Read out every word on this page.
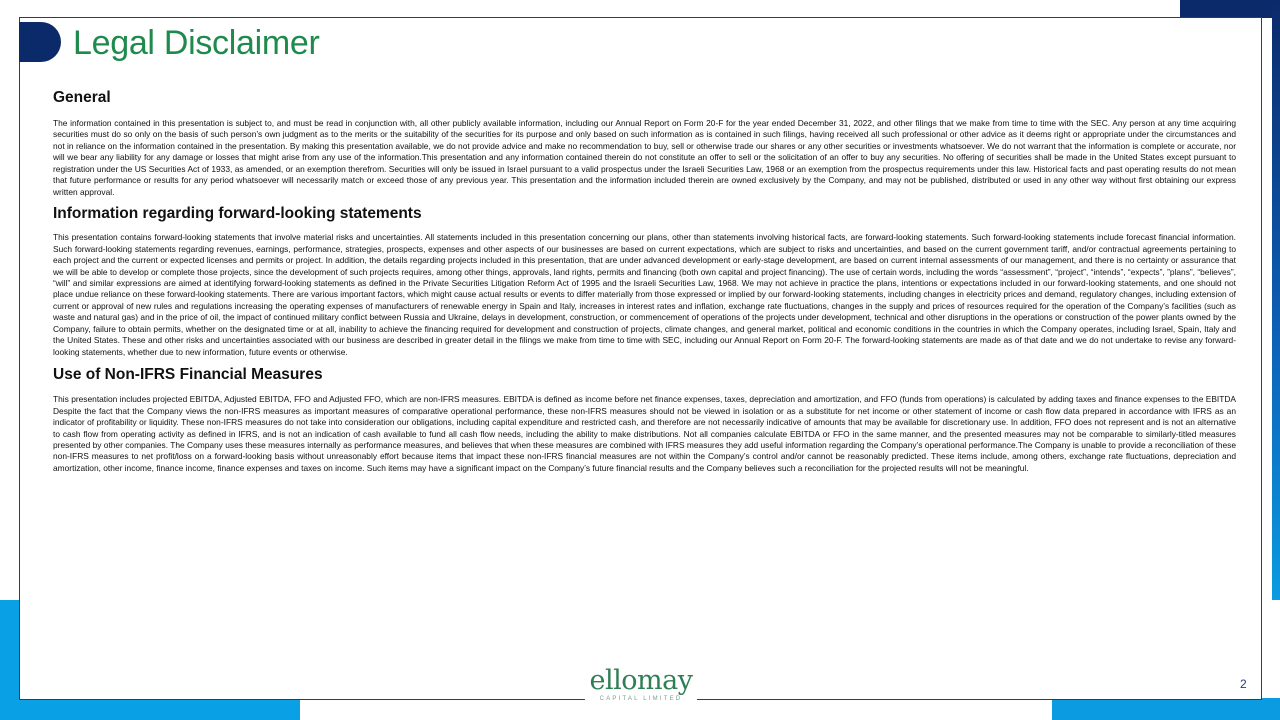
Legal Disclaimer
General

The information contained in this presentation is subject to, and must be read in conjunction with, all other publicly available information, including our Annual Report on Form 20-F for the year ended December 31, 2022, and other filings that we make from time to time with the SEC. Any person at any time acquiring securities must do so only on the basis of such person’s own judgment as to the merits or the suitability of the securities for its purpose and only based on such information as is contained in such filings, having received all such professional or other advice as it deems right or appropriate under the circumstances and not in reliance on the information contained in the presentation. By making this presentation available, we do not provide advice and make no recommendation to buy, sell or otherwise trade our shares or any other securities or investments whatsoever. We do not warrant that the information is complete or accurate, nor will we bear any liability for any damage or losses that might arise from any use of the information.This presentation and any information contained therein do not constitute an offer to sell or the solicitation of an offer to buy any securities. No offering of securities shall be made in the United States except pursuant to registration under the US Securities Act of 1933, as amended, or an exemption therefrom. Securities will only be issued in Israel pursuant to a valid prospectus under the Israeli Securities Law, 1968 or an exemption from the prospectus requirements under this law. Historical facts and past operating results do not mean that future performance or results for any period whatsoever will necessarily match or exceed those of any previous year. This presentation and the information included therein are owned exclusively by the Company, and may not be published, distributed or used in any other way without first obtaining our express written approval.

Information regarding forward-looking statements

This presentation contains forward-looking statements that involve material risks and uncertainties. All statements included in this presentation concerning our plans, other than statements involving historical facts, are forward-looking statements. Such forward-looking statements include forecast financial information. Such forward-looking statements regarding revenues, earnings, performance, strategies, prospects, expenses and other aspects of our businesses are based on current expectations, which are subject to risks and uncertainties, and based on the current government tariff, and/or contractual agreements pertaining to each project and the current or expected licenses and permits or project. In addition, the details regarding projects included in this presentation, that are under advanced development or early-stage development, are based on current internal assessments of our management, and there is no certainty or assurance that we will be able to develop or complete those projects, since the development of such projects requires, among other things, approvals, land rights, permits and financing (both own capital and project financing). The use of certain words, including the words “assessment”, “project”, “intends”, “expects”, ”plans”, “believes”, “will” and similar expressions are aimed at identifying forward-looking statements as defined in the Private Securities Litigation Reform Act of 1995 and the Israeli Securities Law, 1968. We may not achieve in practice the plans, intentions or expectations included in our forward-looking statements, and one should not place undue reliance on these forward-looking statements. There are various important factors, which might cause actual results or events to differ materially from those expressed or implied by our forward-looking statements, including changes in electricity prices and demand, regulatory changes, including extension of current or approval of new rules and regulations increasing the operating expenses of manufacturers of renewable energy in Spain and Italy, increases in interest rates and inflation, exchange rate fluctuations, changes in the supply and prices of resources required for the operation of the Company’s facilities (such as waste and natural gas) and in the price of oil, the impact of continued military conflict between Russia and Ukraine, delays in development, construction, or commencement of operations of the projects under development, technical and other disruptions in the operations or construction of the power plants owned by the Company, failure to obtain permits, whether on the designated time or at all, inability to achieve the financing required for development and construction of projects, climate changes, and general market, political and economic conditions in the countries in which the Company operates, including Israel, Spain, Italy and the United States. These and other risks and uncertainties associated with our business are described in greater detail in the filings we make from time to time with SEC, including our Annual Report on Form 20-F. The forward-looking statements are made as of that date and we do not undertake to revise any forward-looking statements, whether due to new information, future events or otherwise.

Use of Non-IFRS Financial Measures

This presentation includes projected EBITDA, Adjusted EBITDA, FFO and Adjusted FFO, which are non-IFRS measures. EBITDA is defined as income before net finance expenses, taxes, depreciation and amortization, and FFO (funds from operations) is calculated by adding taxes and finance expenses to the EBITDA Despite the fact that the Company views the non-IFRS measures as important measures of comparative operational performance, these non-IFRS measures should not be viewed in isolation or as a substitute for net income or other statement of income or cash flow data prepared in accordance with IFRS as an indicator of profitability or liquidity. These non-IFRS measures do not take into consideration our obligations, including capital expenditure and restricted cash, and therefore are not necessarily indicative of amounts that may be available for discretionary use. In addition, FFO does not represent and is not an alternative to cash flow from operating activity as defined in IFRS, and is not an indication of cash available to fund all cash flow needs, including the ability to make distributions. Not all companies calculate EBITDA or FFO in the same manner, and the presented measures may not be comparable to similarly-titled measures presented by other companies. The Company uses these measures internally as performance measures, and believes that when these measures are combined with IFRS measures they add useful information regarding the Company’s operational performance.The Company is unable to provide a reconciliation of these non-IFRS measures to net profit/loss on a forward-looking basis without unreasonably effort because items that impact these non-IFRS financial measures are not within the Company’s control and/or cannot be reasonably predicted. These items include, among others, exchange rate fluctuations, depreciation and amortization, other income, finance income, finance expenses and taxes on income. Such items may have a significant impact on the Company’s future financial results and the Company believes such a reconciliation for the projected results will not be meaningful.

ellomay
CAPITAL LIMITED
2
